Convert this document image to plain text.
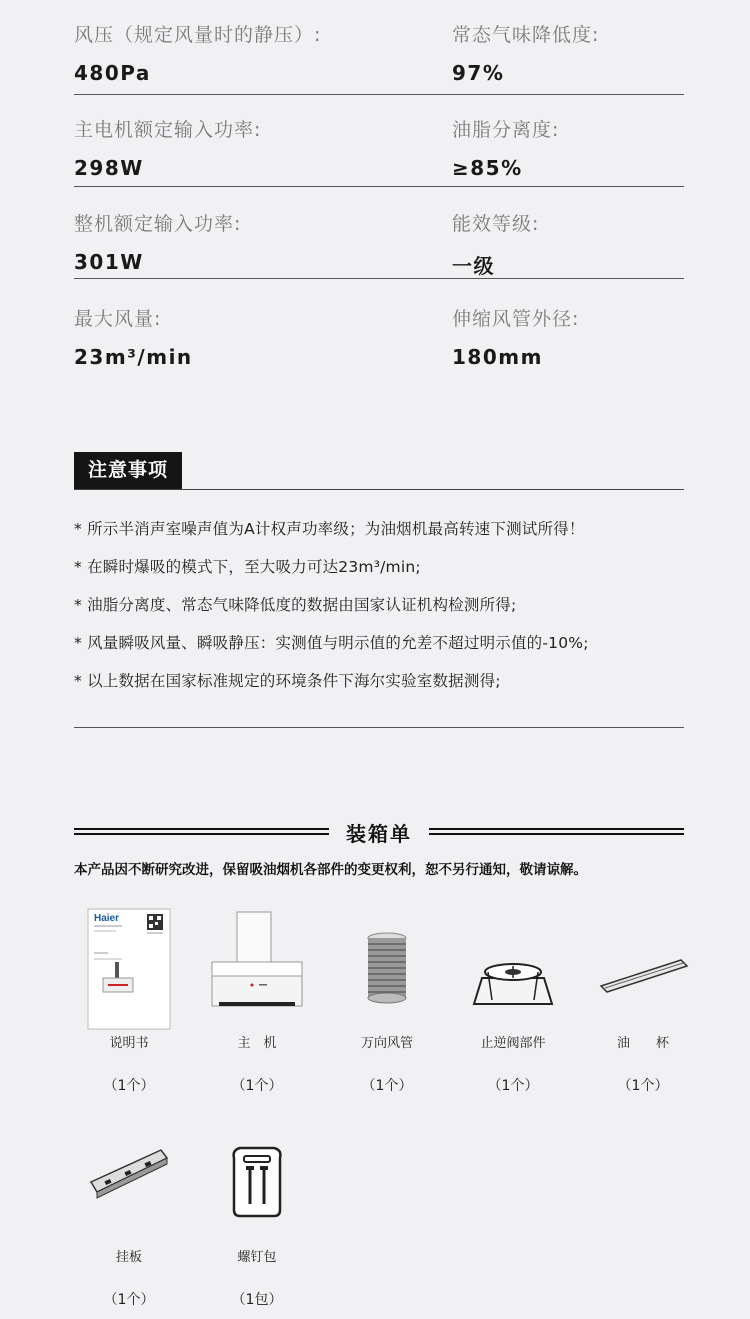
风压（规定风量时的静压）:
480Pa
常态气味降低度:
97%
主电机额定输入功率:
298W
油脂分离度:
≥85%
整机额定输入功率:
301W
能效等级:
一级
最大风量:
23m³/min
伸缩风管外径:
180mm
注意事项
* 所示半消声室噪声值为A计权声功率级；为油烟机最高转速下测试所得！
* 在瞬时爆吸的模式下，至大吸力可达23m³/min;
* 油脂分离度、常态气味降低度的数据由国家认证机构检测所得;
* 风量瞬吸风量、瞬吸静压：实测值与明示值的允差不超过明示值的-10%;
* 以上数据在国家标准规定的环境条件下海尔实验室数据测得;
装箱单
本产品因不断研究改进，保留吸油烟机各部件的变更权利，恕不另行通知，敬请谅解。
Haier
说明书
（1个）
主　机
（1个）
万向风管
（1个）
止逆阀部件
（1个）
油　　杯
（1个）
挂板
（1个）
螺钉包
（1包）
